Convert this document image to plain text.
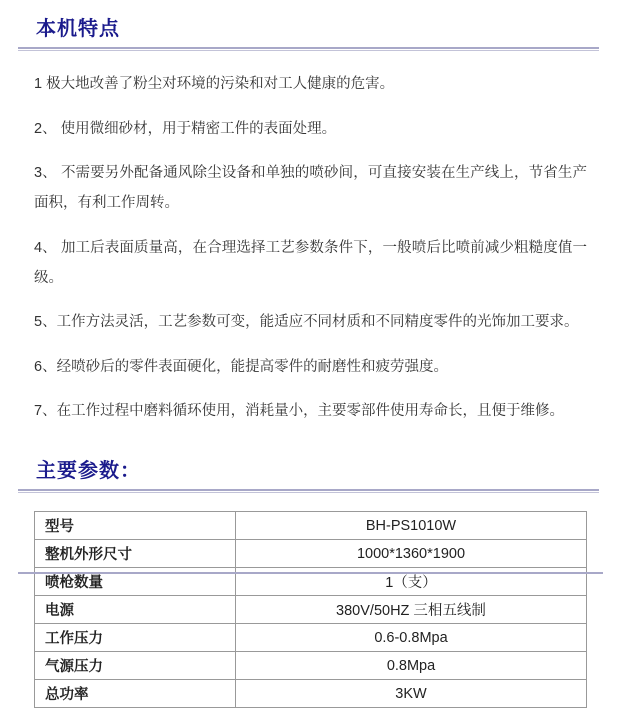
本机特点

1 极大地改善了粉尘对环境的污染和对工人健康的危害。

2、 使用微细砂材，用于精密工件的表面处理。

3、 不需要另外配备通风除尘设备和单独的喷砂间，可直接安装在生产线上，节省生产面积，有利工作周转。

4、 加工后表面质量高，在合理选择工艺参数条件下，一般喷后比喷前减少粗糙度值一级。

5、工作方法灵活，工艺参数可变，能适应不同材质和不同精度零件的光饰加工要求。

6、经喷砂后的零件表面硬化，能提高零件的耐磨性和疲劳强度。

7、在工作过程中磨料循环使用，消耗量小，主要零部件使用寿命长，且便于维修。

主要参数：
型号	BH-PS1010W
整机外形尺寸	1000*1360*1900
喷枪数量	1（支）
电源	380V/50HZ 三相五线制
工作压力	0.6-0.8Mpa
气源压力	0.8Mpa
总功率	3KW
